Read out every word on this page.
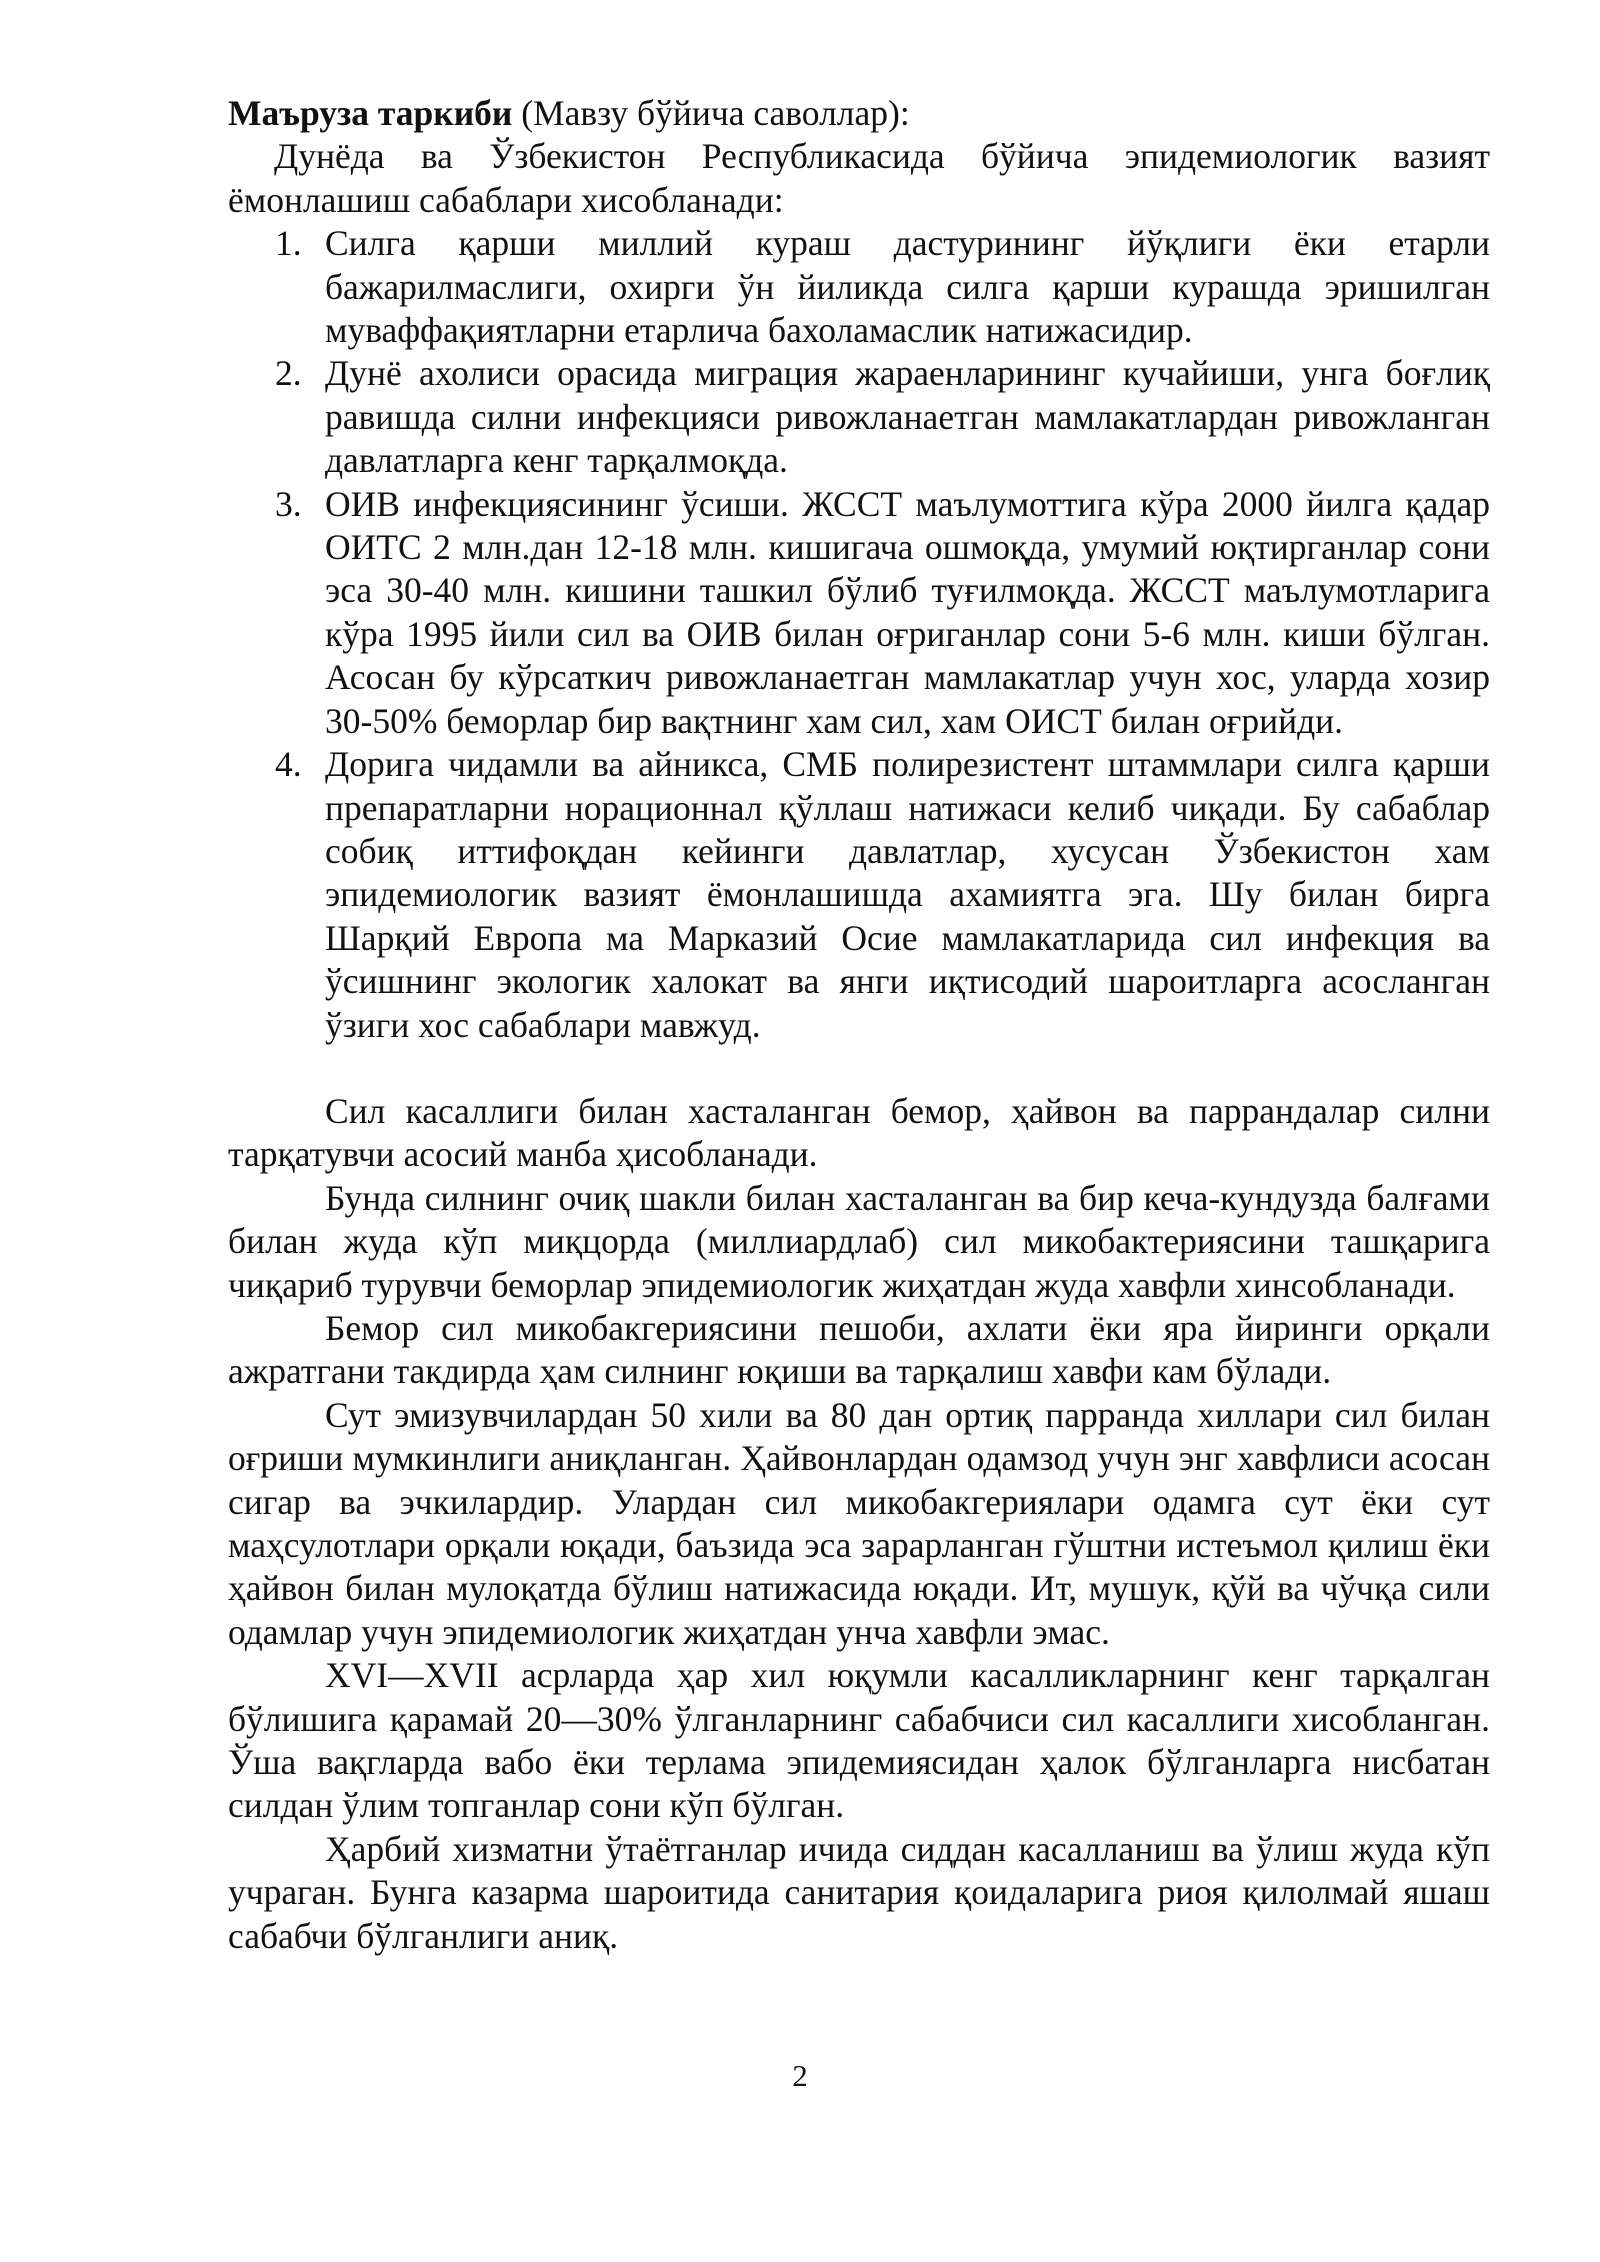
Маъруза таркиби (Мавзу бўйича саволлар):

Дунёда ва Ўзбекистон Республикасида бўйича эпидемиологик вазият ёмонлашиш сабаблари хисобланади:

1. Силга қарши миллий кураш дастурининг йўқлиги ёки етарли бажарилмаслиги, охирги ўн йиликда силга қарши курашда эришилган муваффақиятларни етарлича бахоламаслик натижасидир.
2. Дунё ахолиси орасида миграция жараенларининг кучайиши, унга боғлиқ равишда силни инфекцияси ривожланаетган мамлакатлардан ривожланган давлатларга кенг тарқалмоқда.
3. ОИВ инфекциясининг ўсиши. ЖССТ маълумоттига кўра 2000 йилга қадар ОИТС 2 млн.дан 12-18 млн. кишигача ошмоқда, умумий юқтирганлар сони эса 30-40 млн. кишини ташкил бўлиб туғилмоқда. ЖССТ маълумотларига кўра 1995 йили сил ва ОИВ билан оғриганлар сони 5-6 млн. киши бўлган. Асосан бу кўрсаткич ривожланаетган мамлакатлар учун хос, уларда хозир 30-50% беморлар бир вақтнинг хам сил, хам ОИСТ билан оғрийди.
4. Дорига чидамли ва айникса, СМБ полирезистент штаммлари силга қарши препаратларни норационнал қўллаш натижаси келиб чиқади. Бу сабаблар собиқ иттифоқдан кейинги давлатлар, хусусан Ўзбекистон хам эпидемиологик вазият ёмонлашишда ахамиятга эга. Шу билан бирга Шарқий Европа ма Марказий Осие мамлакатларида сил инфекция ва ўсишнинг экологик халокат ва янги иқтисодий шароитларга асосланган ўзиги хос сабаблари мавжуд.

Сил касаллиги билан хасталанган бемор, ҳайвон ва паррандалар силни тарқатувчи асосий манба ҳисобланади.

Бунда силнинг очиқ шакли билан хасталанган ва бир кеча-кундузда балғами билан жуда кўп миқцорда (миллиардлаб) сил микобактериясини ташқарига чиқариб турувчи беморлар эпидемиологик жиҳатдан жуда хавфли хинсобланади.

Бемор сил микобакгериясини пешоби, ахлати ёки яра йиринги орқали ажратгани такдирда ҳам силнинг юқиши ва тарқалиш хавфи кам бўлади.

Сут эмизувчилардан 50 хили ва 80 дан ортиқ парранда хиллари сил билан оғриши мумкинлиги аниқланган. Ҳайвонлардан одамзод учун энг хавфлиси асосан сигар ва эчкилардир. Улардан сил микобакгериялари одамга сут ёки сут маҳсулотлари орқали юқади, баъзида эса зарарланган гўштни истеъмол қилиш ёки ҳайвон билан мулоқатда бўлиш натижасида юқади. Ит, мушук, қўй ва чўчқа сили одамлар учун эпидемиологик жиҳатдан унча хавфли эмас.

XVI—XVII асрларда ҳар хил юқумли касалликларнинг кенг тарқалган бўлишига қарамай 20—30% ўлганларнинг сабабчиси сил касаллиги хисобланган. Ўша вақгларда вабо ёки терлама эпидемиясидан ҳалок бўлганларга нисбатан силдан ўлим топганлар сони кўп бўлган.

Ҳарбий хизматни ўтаётганлар ичида сиддан касалланиш ва ўлиш жуда кўп учраган. Бунга казарма шароитида санитария қоидаларига риоя қилолмай яшаш сабабчи бўлганлиги аниқ.

2
